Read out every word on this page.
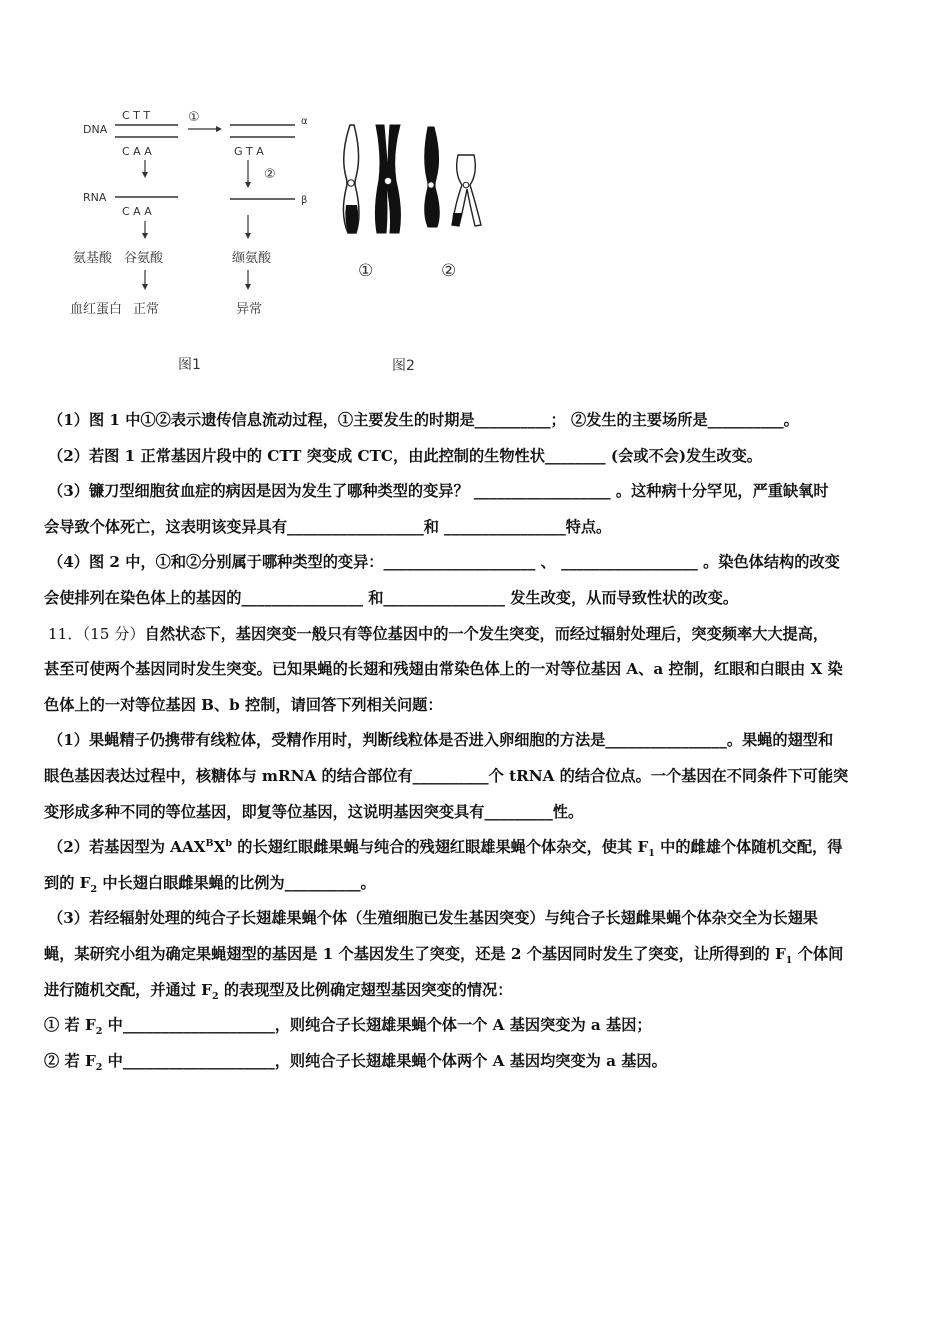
DNA
C T T
C A A
①	α
G T A
②
RNA
C A A
β
氨基酸 谷氨酸	缬氨酸
血红蛋白 正常	异常
图1
①	②
图2
（1）图 1 中①②表示遗传信息流动过程，①主要发生的时期是__________； ②发生的主要场所是__________。
（2）若图 1 正常基因片段中的 CTT 突变成 CTC，由此控制的生物性状________ (会或不会)发生改变。
（3）镰刀型细胞贫血症的病因是因为发生了哪种类型的变异？ __________________ 。这种病十分罕见，严重缺氧时
会导致个体死亡，这表明该变异具有__________________和 ________________特点。
（4）图 2 中，①和②分别属于哪种类型的变异：____________________ 、 __________________ 。染色体结构的改变
会使排列在染色体上的基因的________________ 和________________ 发生改变，从而导致性状的改变。
11．（15 分）自然状态下，基因突变一般只有等位基因中的一个发生突变，而经过辐射处理后，突变频率大大提高，
甚至可使两个基因同时发生突变。已知果蝇的长翅和残翅由常染色体上的一对等位基因 A、a 控制，红眼和白眼由 X 染
色体上的一对等位基因 B、b 控制，请回答下列相关问题：
（1）果蝇精子仍携带有线粒体，受精作用时，判断线粒体是否进入卵细胞的方法是________________。果蝇的翅型和
眼色基因表达过程中，核糖体与 mRNA 的结合部位有__________个 tRNA 的结合位点。一个基因在不同条件下可能突
变形成多种不同的等位基因，即复等位基因，这说明基因突变具有_________性。
（2）若基因型为 $AAX^BX^b$ 的长翅红眼雌果蝇与纯合的残翅红眼雄果蝇个体杂交，使其 $F_1$ 中的雌雄个体随机交配，得
到的 $F_2$ 中长翅白眼雌果蝇的比例为__________。
（3）若经辐射处理的纯合子长翅雄果蝇个体（生殖细胞已发生基因突变）与纯合子长翅雌果蝇个体杂交全为长翅果
蝇，某研究小组为确定果蝇翅型的基因是 1 个基因发生了突变，还是 2 个基因同时发生了突变，让所得到的 $F_1$ 个体间
进行随机交配，并通过 $F_2$ 的表现型及比例确定翅型基因突变的情况：
① 若 $F_2$ 中____________________，则纯合子长翅雄果蝇个体一个 A 基因突变为 a 基因；
② 若 $F_2$ 中____________________，则纯合子长翅雄果蝇个体两个 A 基因均突变为 a 基因。
